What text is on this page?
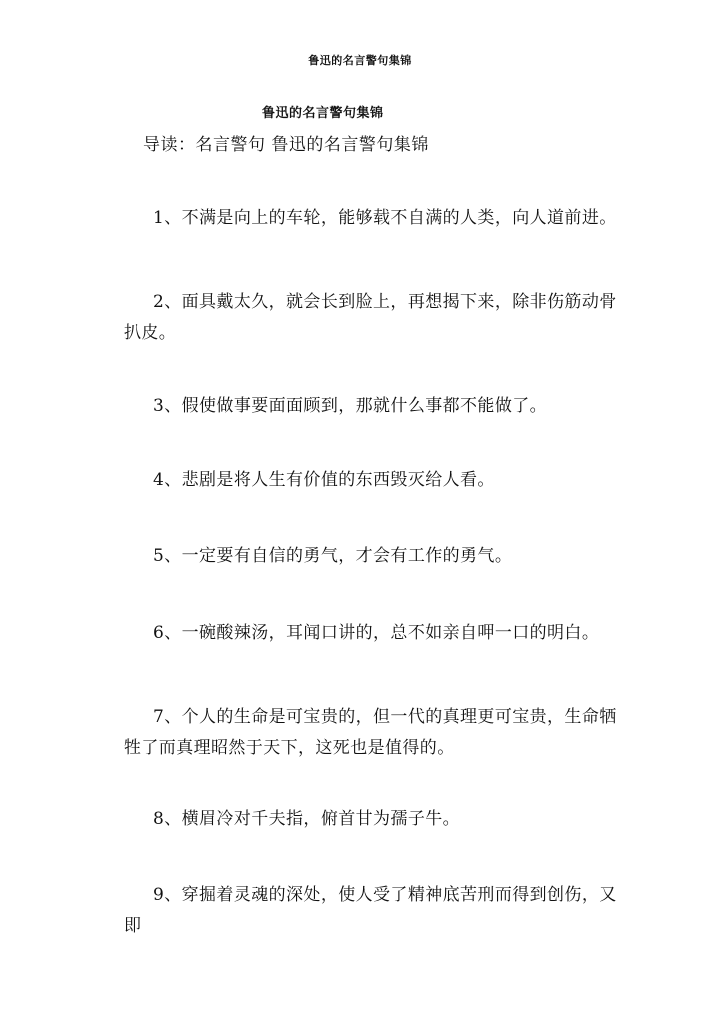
鲁迅的名言警句集锦
鲁迅的名言警句集锦
导读：名言警句 鲁迅的名言警句集锦

1、不满是向上的车轮，能够载不自满的人类，向人道前进。

2、面具戴太久，就会长到脸上，再想揭下来，除非伤筋动骨扒皮。

3、假使做事要面面顾到，那就什么事都不能做了。

4、悲剧是将人生有价值的东西毁灭给人看。

5、一定要有自信的勇气，才会有工作的勇气。

6、一碗酸辣汤，耳闻口讲的，总不如亲自呷一口的明白。

7、个人的生命是可宝贵的，但一代的真理更可宝贵，生命牺牲了而真理昭然于天下，这死也是值得的。

8、横眉冷对千夫指，俯首甘为孺子牛。

9、穿掘着灵魂的深处，使人受了精神底苦刑而得到创伤，又即
